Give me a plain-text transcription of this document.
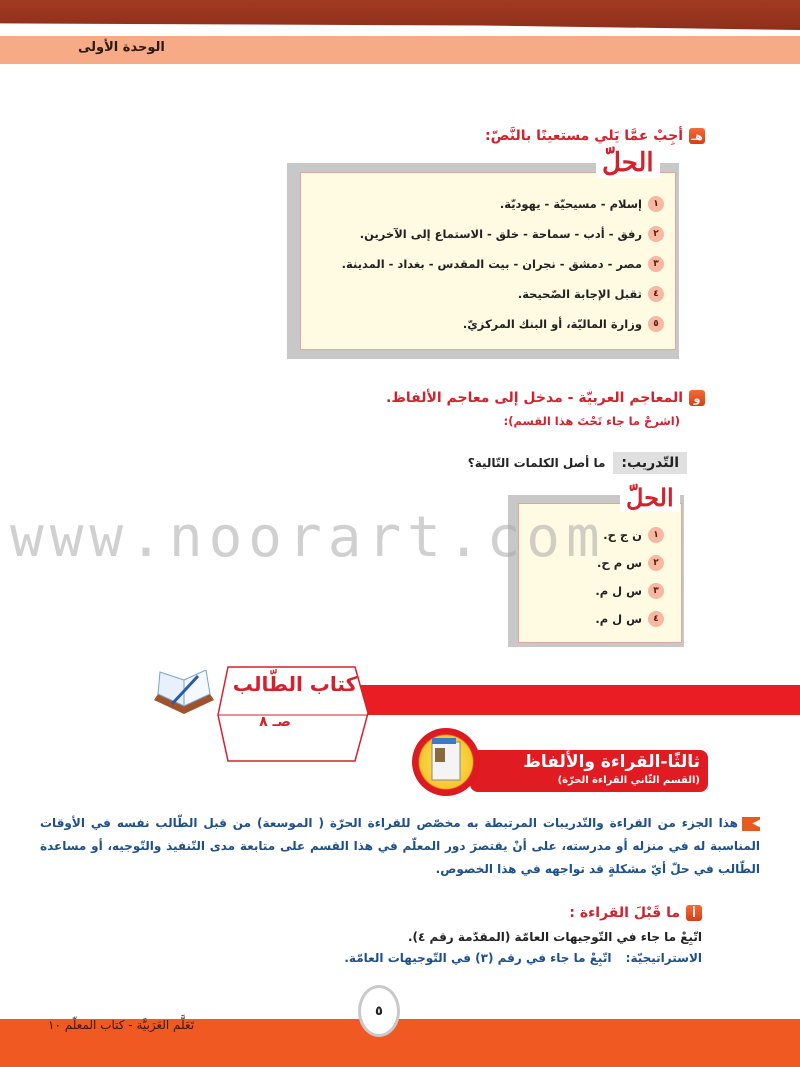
الوحدة الأولى
هـ
أجِبْ عمَّا يَلي مستعينًا بالنَّصّ:
الحلّ
١
إسلام - مسيحيّة - يهوديّة.
٢
رفق - أدب - سماحة - خلق - الاستماع إلى الآخرين.
٣
مصر - دمشق - نجران - بيت المقدس - بغداد - المدينة.
٤
تقبل الإجابة الصّحيحة.
٥
وزارة الماليّة، أو البنك المركزيّ.
و
المعاجم العربيّة - مدخل إلى معاجم الألفاظ.
(اشرحْ ما جاء تَحْتَ هذا القسم):
التّدريب:
ما أصل الكلمات التّالية؟
الحلّ
١
ن ج ح.
٢
س م ح.
٣
س ل م.
٤
س ل م.
www.noorart.com
كتاب الطّالب
صـ ٨
ثالثًا-القراءة والألفاظ
(القسم الثّاني القراءة الحرّة)
◀هذا الجزء من القراءة والتّدريبات المرتبطة به مخصّص للقراءة الحرّة ( الموسعة) من قبل الطّالب نفسه في الأوقات المناسبة له في منزله أو مدرسته، على أنْ يقتصرَ دور المعلّم في هذا القسم على متابعة مدى التّنفيذ والتّوجيه، أو مساعدة الطّالب في حلّ أيّ مشكلةٍ قد تواجهه في هذا الخصوص.
أ
ما قَبْلَ القراءة :
اتّبِعْ ما جاء في التّوجيهات العامّة (المقدّمة رقم ٤).
الاستراتيجيّة: اتّبِعْ ما جاء في رقم (٣) في التّوجيهات العامّة.
٥
تَعَلَّم العَرَبيَّة - كتاب المعلّم ١٠
